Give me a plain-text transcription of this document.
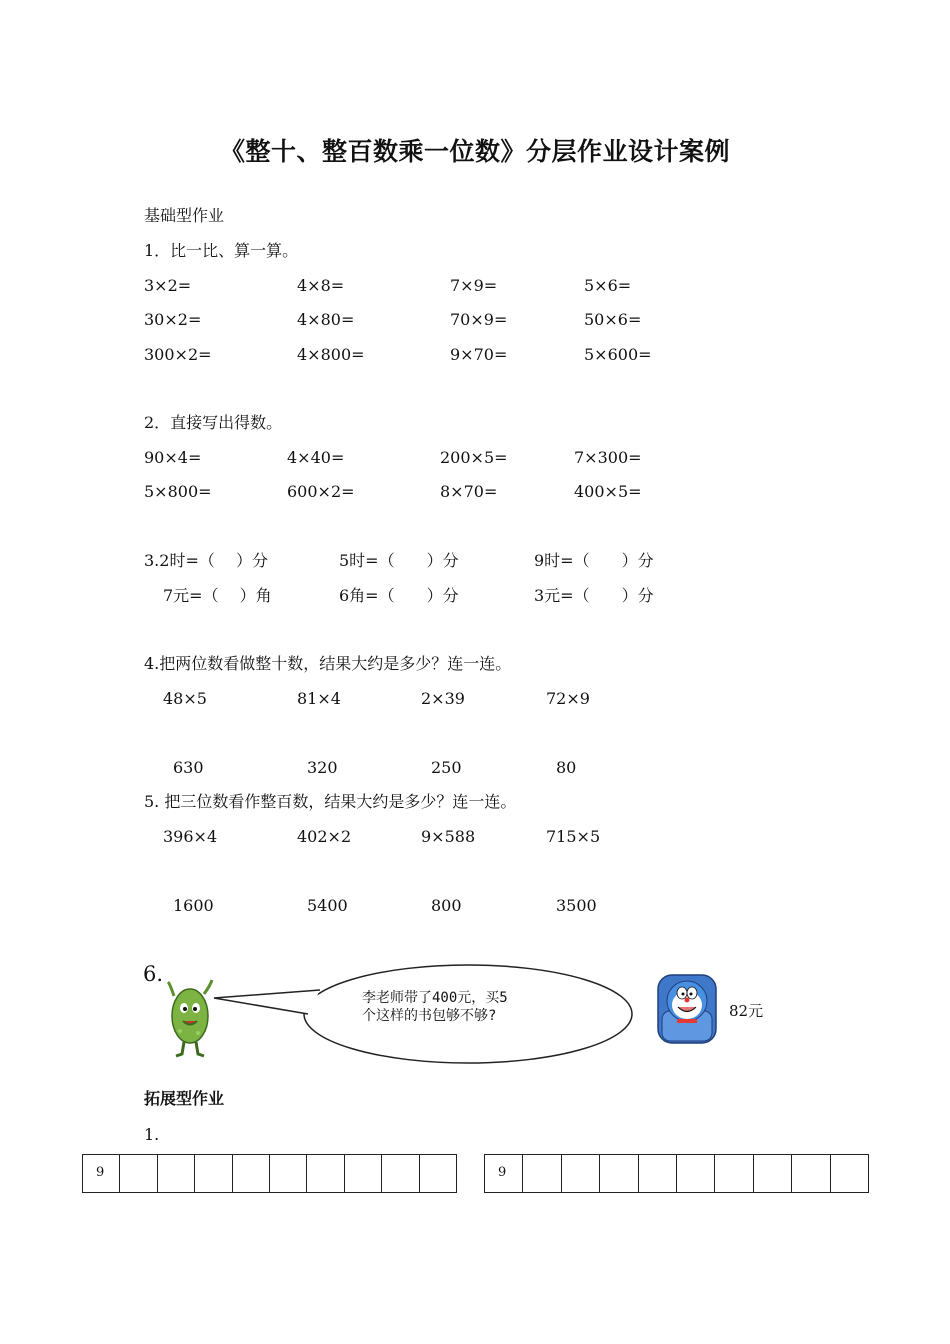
《整十、整百数乘一位数》分层作业设计案例
基础型作业
1．比一比、算一算。
3×2=	4×8=	7×9=	5×6=
30×2=	4×80=	70×9=	50×6=
300×2=	4×800=	9×70=	5×600=
2．直接写出得数。
90×4=	4×40=	200×5=	7×300=
5×800=	600×2=	8×70=	400×5=
3.2时=（　 ）分	5时=（　　）分	9时=（　　）分
7元=（　 ）角	6角=（　　）分	3元=（　　）分
4.把两位数看做整十数，结果大约是多少？连一连。
48×5	81×4	2×39	72×9
630	320	250	80
5. 把三位数看作整百数，结果大约是多少？连一连。
396×4	402×2	9×588	715×5
1600	5400	800	3500
6.
李老师带了400元，买5
个这样的书包够不够?	82元
拓展型作业
1.
9	9
